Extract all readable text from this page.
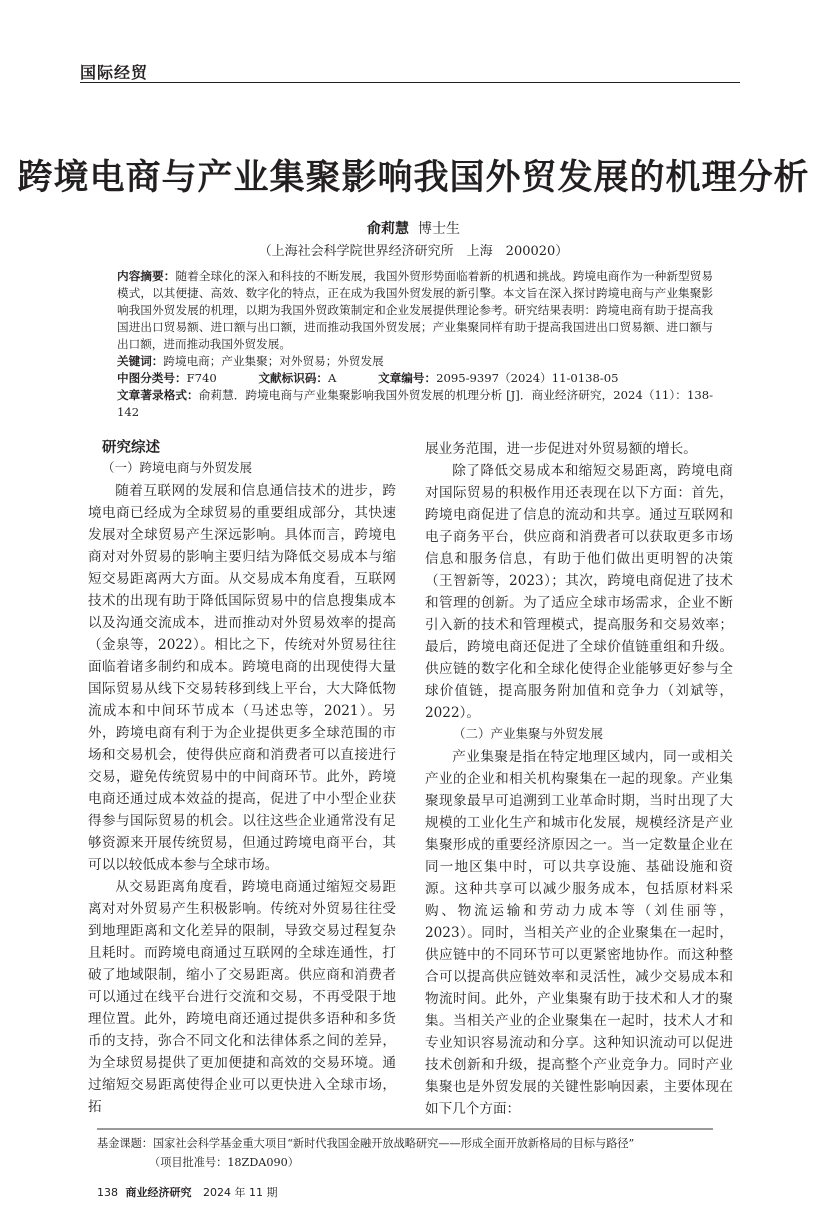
国际经贸
跨境电商与产业集聚影响我国外贸发展的机理分析
俞莉慧 博士生
（上海社会科学院世界经济研究所　上海　200020）
内容摘要：随着全球化的深入和科技的不断发展，我国外贸形势面临着新的机遇和挑战。跨境电商作为一种新型贸易模式，以其便捷、高效、数字化的特点，正在成为我国外贸发展的新引擎。本文旨在深入探讨跨境电商与产业集聚影响我国外贸发展的机理，以期为我国外贸政策制定和企业发展提供理论参考。研究结果表明：跨境电商有助于提高我国进出口贸易额、进口额与出口额，进而推动我国外贸发展；产业集聚同样有助于提高我国进出口贸易额、进口额与出口额，进而推动我国外贸发展。
关键词：跨境电商；产业集聚；对外贸易；外贸发展
中图分类号：F740	文献标识码：A	文章编号：2095-9397（2024）11-0138-05
文章著录格式：俞莉慧．跨境电商与产业集聚影响我国外贸发展的机理分析 [J]．商业经济研究，2024（11）：138-142
研究综述
（一）跨境电商与外贸发展

随着互联网的发展和信息通信技术的进步，跨境电商已经成为全球贸易的重要组成部分，其快速发展对全球贸易产生深远影响。具体而言，跨境电商对对外贸易的影响主要归结为降低交易成本与缩短交易距离两大方面。从交易成本角度看，互联网技术的出现有助于降低国际贸易中的信息搜集成本以及沟通交流成本，进而推动对外贸易效率的提高（金泉等，2022）。相比之下，传统对外贸易往往面临着诸多制约和成本。跨境电商的出现使得大量国际贸易从线下交易转移到线上平台，大大降低物流成本和中间环节成本（马述忠等，2021）。另外，跨境电商有利于为企业提供更多全球范围的市场和交易机会，使得供应商和消费者可以直接进行交易，避免传统贸易中的中间商环节。此外，跨境电商还通过成本效益的提高，促进了中小型企业获得参与国际贸易的机会。以往这些企业通常没有足够资源来开展传统贸易，但通过跨境电商平台，其可以以较低成本参与全球市场。

从交易距离角度看，跨境电商通过缩短交易距离对对外贸易产生积极影响。传统对外贸易往往受到地理距离和文化差异的限制，导致交易过程复杂且耗时。而跨境电商通过互联网的全球连通性，打破了地域限制，缩小了交易距离。供应商和消费者可以通过在线平台进行交流和交易，不再受限于地理位置。此外，跨境电商还通过提供多语种和多货币的支持，弥合不同文化和法律体系之间的差异，为全球贸易提供了更加便捷和高效的交易环境。通过缩短交易距离使得企业可以更快进入全球市场，拓

展业务范围，进一步促进对外贸易额的增长。

除了降低交易成本和缩短交易距离，跨境电商对国际贸易的积极作用还表现在以下方面：首先，跨境电商促进了信息的流动和共享。通过互联网和电子商务平台，供应商和消费者可以获取更多市场信息和服务信息，有助于他们做出更明智的决策（王智新等，2023）；其次，跨境电商促进了技术和管理的创新。为了适应全球市场需求，企业不断引入新的技术和管理模式，提高服务和交易效率；最后，跨境电商还促进了全球价值链重组和升级。供应链的数字化和全球化使得企业能够更好参与全球价值链，提高服务附加值和竞争力（刘斌等，2022）。

（二）产业集聚与外贸发展

产业集聚是指在特定地理区域内，同一或相关产业的企业和相关机构聚集在一起的现象。产业集聚现象最早可追溯到工业革命时期，当时出现了大规模的工业化生产和城市化发展，规模经济是产业集聚形成的重要经济原因之一。当一定数量企业在同一地区集中时，可以共享设施、基础设施和资源。这种共享可以减少服务成本，包括原材料采购、物流运输和劳动力成本等（刘佳丽等，2023）。同时，当相关产业的企业聚集在一起时，供应链中的不同环节可以更紧密地协作。而这种整合可以提高供应链效率和灵活性，减少交易成本和物流时间。此外，产业集聚有助于技术和人才的聚集。当相关产业的企业聚集在一起时，技术人才和专业知识容易流动和分享。这种知识流动可以促进技术创新和升级，提高整个产业竞争力。同时产业集聚也是外贸发展的关键性影响因素，主要体现在如下几个方面：

基金课题：国家社会科学基金重大项目“新时代我国金融开放战略研究——形成全面开放新格局的目标与路径”
（项目批准号：18ZDA090）
138 商业经济研究 2024 年 11 期
